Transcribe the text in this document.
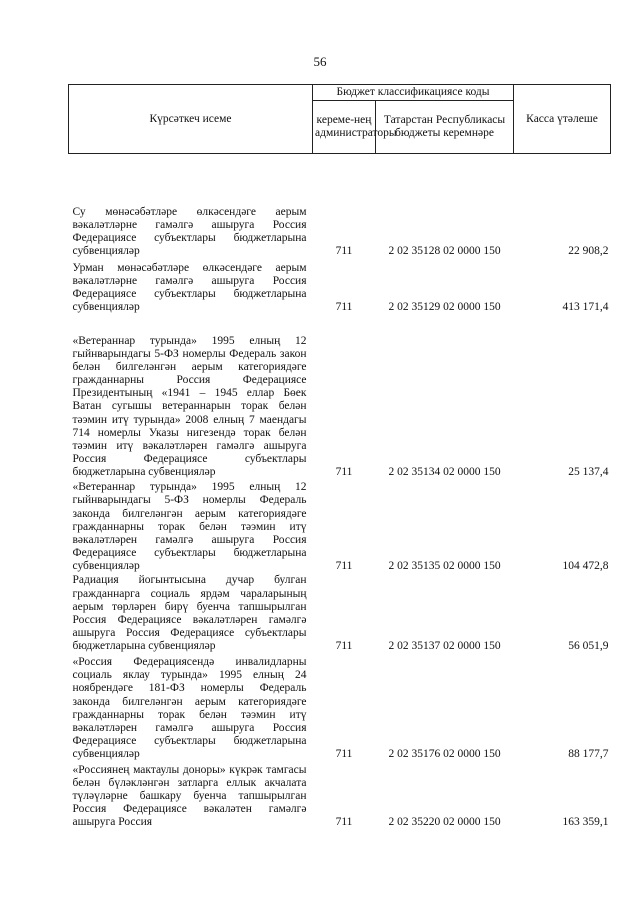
56
Күрсәткеч исеме	Бюджет классификациясе коды		Касса үтәлеше
	кереме-нең администраторы	Татарстан Республикасы бюджеты керемнәре	

Су мөнәсәбәтләре өлкәсендәге аерым вәкаләтләрне гамәлгә ашыруга Россия Федерациясе субъектлары бюджетларына субвенцияләр	711	2 02 35128 02 0000 150	22 908,2

Урман мөнәсәбәтләре өлкәсендәге аерым вәкаләтләрне гамәлгә ашыруга Россия Федерациясе субъектлары бюджетларына субвенцияләр	711	2 02 35129 02 0000 150	413 171,4

«Ветераннар турында» 1995 елның 12 гыйнварындагы 5-ФЗ номерлы Федераль закон белән билгеләнгән аерым категориядәге гражданнарны Россия Федерациясе Президентының «1941 – 1945 еллар Бөек Ватан сугышы ветераннарын торак белән тәэмин итү турында» 2008 елның 7 маендагы 714 номерлы Указы нигезендә торак белән тәэмин итү вәкаләтләрен гамәлгә ашыруга Россия Федерациясе субъектлары бюджетларына субвенцияләр	711	2 02 35134 02 0000 150	25 137,4

«Ветераннар турында» 1995 елның 12 гыйнварындагы 5-ФЗ номерлы Федераль законда билгеләнгән аерым категориядәге гражданнарны торак белән тәэмин итү вәкаләтләрен гамәлгә ашыруга Россия Федерациясе субъектлары бюджетларына субвенцияләр	711	2 02 35135 02 0000 150	104 472,8

Радиация йогынтысына дучар булган гражданнарга социаль ярдәм чараларының аерым төрләрен бирү буенча тапшырылган Россия Федерациясе вәкаләтләрен гамәлгә ашыруга Россия Федерациясе субъектлары бюджетларына субвенцияләр	711	2 02 35137 02 0000 150	56 051,9

«Россия Федерациясендә инвалидларны социаль яклау турында» 1995 елның 24 ноябрендәге 181-ФЗ номерлы Федераль законда билгеләнгән аерым категориядәге гражданнарны торак белән тәэмин итү вәкаләтләрен гамәлгә ашыруга Россия Федерациясе субъектлары бюджетларына субвенцияләр	711	2 02 35176 02 0000 150	88 177,7

«Россиянең мактаулы доноры» күкрәк тамгасы белән бүләкләнгән затларга еллык акчалата түләүләрне башкару буенча тапшырылган Россия Федерациясе вәкаләтен гамәлгә ашыруга Россия	711	2 02 35220 02 0000 150	163 359,1
